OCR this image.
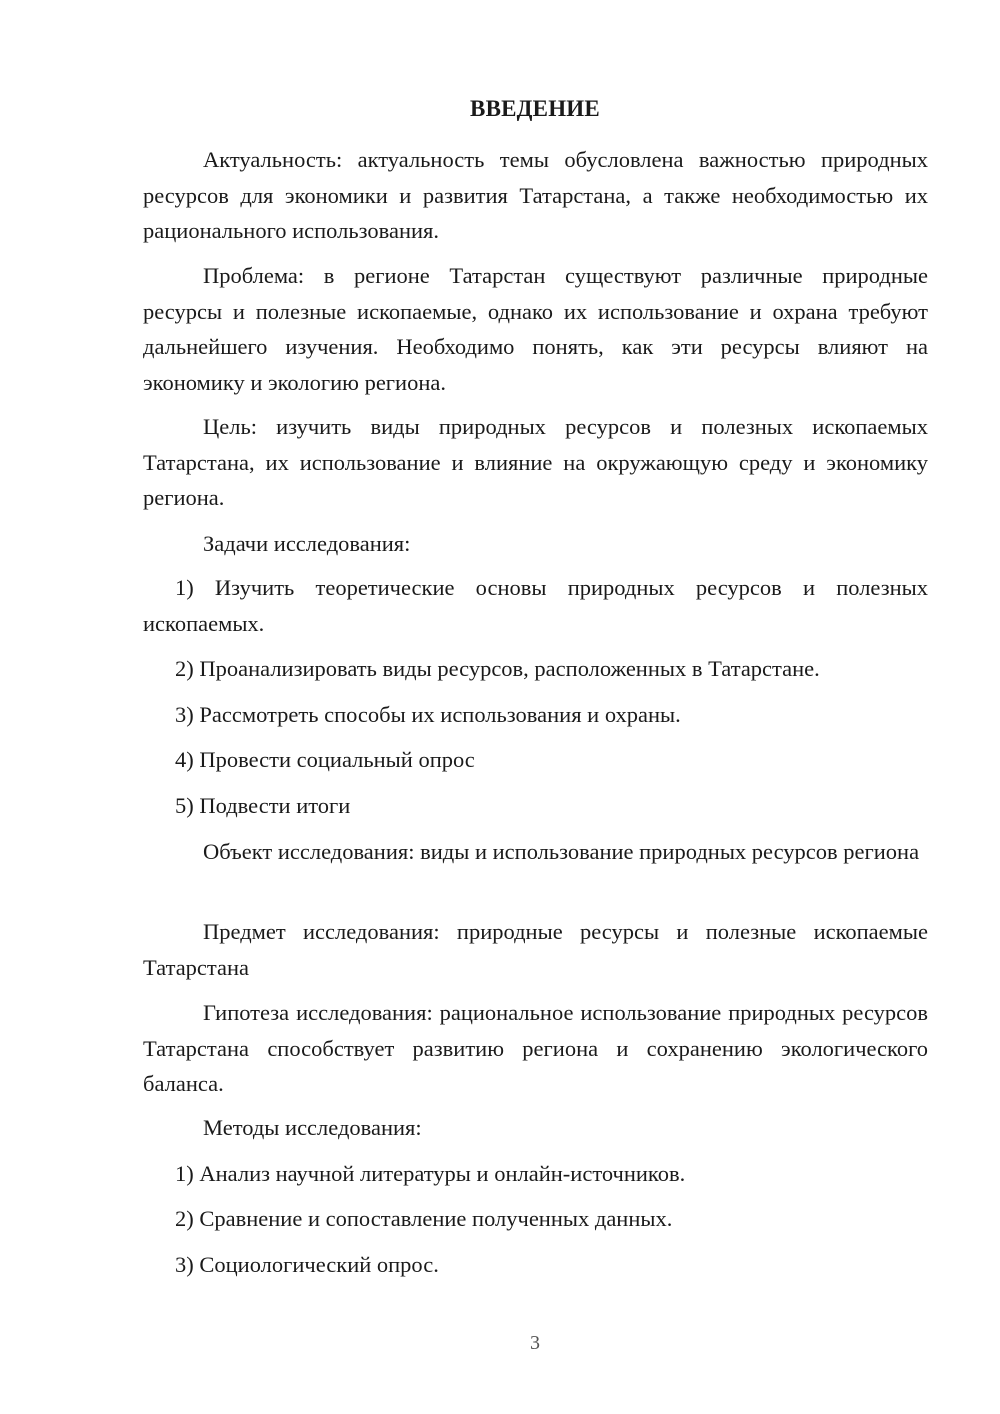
ВВЕДЕНИЕ

Актуальность: актуальность темы обусловлена важностью природных ресурсов для экономики и развития Татарстана, а также необходимостью их рационального использования.

Проблема: в регионе Татарстан существуют различные природные ресурсы и полезные ископаемые, однако их использование и охрана требуют дальнейшего изучения. Необходимо понять, как эти ресурсы влияют на экономику и экологию региона.

Цель: изучить виды природных ресурсов и полезных ископаемых Татарстана, их использование и влияние на окружающую среду и экономику региона.

Задачи исследования:

1) Изучить теоретические основы природных ресурсов и полезных ископаемых.

2) Проанализировать виды ресурсов, расположенных в Татарстане.

3) Рассмотреть способы их использования и охраны.

4) Провести социальный опрос

5) Подвести итоги

Объект исследования: виды и использование природных ресурсов региона

Предмет исследования: природные ресурсы и полезные ископаемые Татарстана

Гипотеза исследования: рациональное использование природных ресурсов Татарстана способствует развитию региона и сохранению экологического баланса.

Методы исследования:

1) Анализ научной литературы и онлайн-источников.

2) Сравнение и сопоставление полученных данных.

3) Социологический опрос.

3
